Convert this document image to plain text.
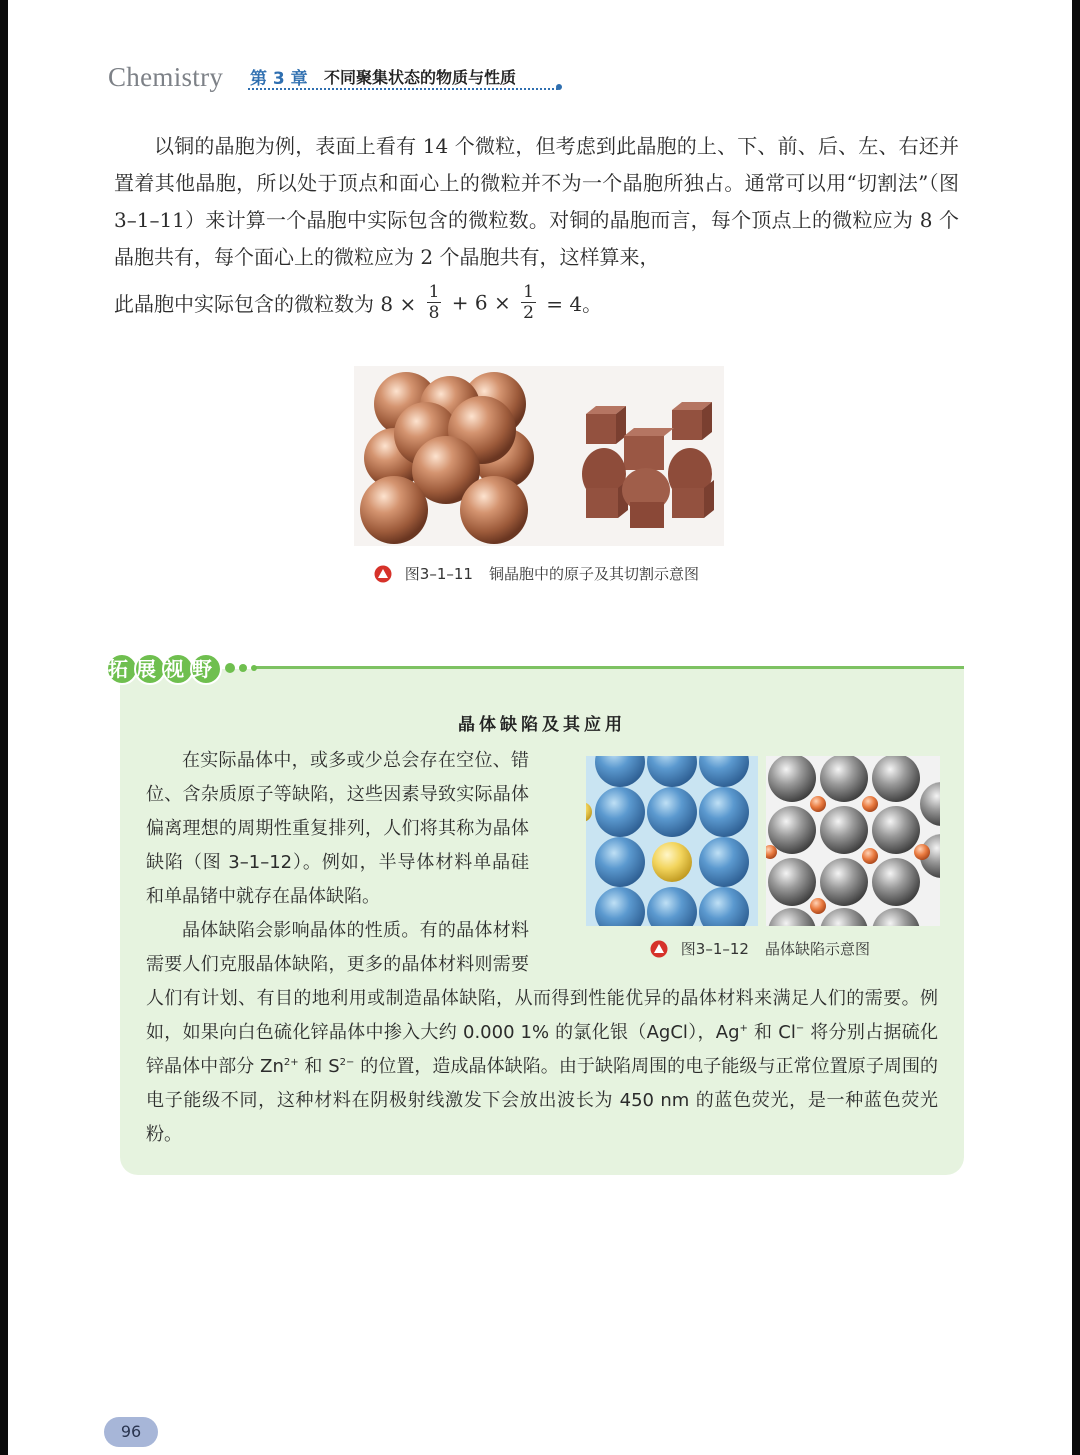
Chemistry 第 3 章 不同聚集状态的物质与性质

以铜的晶胞为例，表面上看有 14 个微粒，但考虑到此晶胞的上、下、前、后、左、右还并置着其他晶胞，所以处于顶点和面心上的微粒并不为一个晶胞所独占。通常可以用“切割法”（图 3–1–11）来计算一个晶胞中实际包含的微粒数。对铜的晶胞而言，每个顶点上的微粒应为 8 个晶胞共有，每个面心上的微粒应为 2 个晶胞共有，这样算来，

此晶胞中实际包含的微粒数为 $8 \times \frac{1}{8} + 6 \times \frac{1}{2} = 4$。
图3–1–11 铜晶胞中的原子及其切割示意图
拓展视野
晶体缺陷及其应用

在实际晶体中，或多或少总会存在空位、错位、含杂质原子等缺陷，这些因素导致实际晶体偏离理想的周期性重复排列，人们将其称为晶体缺陷（图 3–1–12）。例如，半导体材料单晶硅和单晶锗中就存在晶体缺陷。

晶体缺陷会影响晶体的性质。有的晶体材料需要人们克服晶体缺陷，更多的晶体材料则需要人们有计划、有目的地利用或制造晶体缺陷，从而得到性能优异的晶体材料来满足人们的需要。例如，如果向白色硫化锌晶体中掺入大约 0.000 1% 的氯化银（AgCl），Ag+ 和 Cl− 将分别占据硫化锌晶体中部分 $Zn^{2+}$ 和 $S^{2-}$ 的位置，造成晶体缺陷。由于缺陷周围的电子能级与正常位置原子周围的电子能级不同，这种材料在阴极射线激发下会放出波长为 450 nm 的蓝色荧光，是一种蓝色荧光粉。

图3–1–12 晶体缺陷示意图
96
